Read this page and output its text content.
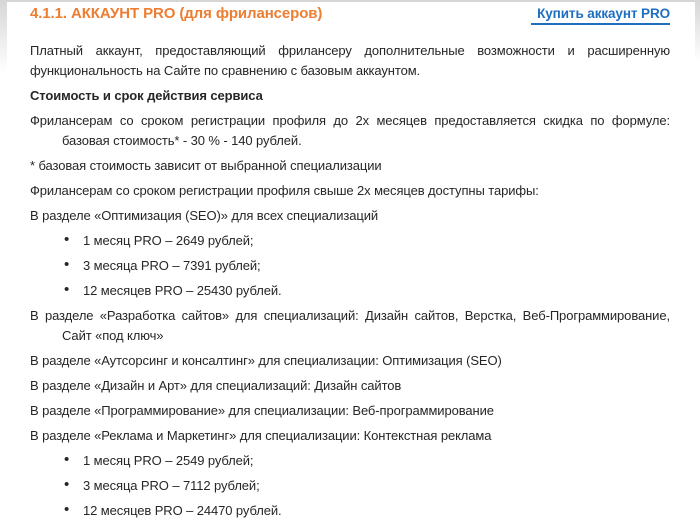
4.1.1. АККАУНТ PRO (для фрилансеров)	Купить аккаунт PRO

Платный аккаунт, предоставляющий фрилансеру дополнительные возможности и расширенную функциональность на Сайте по сравнению с базовым аккаунтом.

Стоимость и срок действия сервиса

Фрилансерам со сроком регистрации профиля до 2х месяцев предоставляется скидка по формуле: базовая стоимость* - 30 % - 140 рублей.

* базовая стоимость зависит от выбранной специализации

Фрилансерам со сроком регистрации профиля свыше 2х месяцев доступны тарифы:

В разделе «Оптимизация (SEO)» для всех специализаций

• 1 месяц PRO – 2649 рублей;
• 3 месяца PRO – 7391 рублей;
• 12 месяцев PRO – 25430 рублей.

В разделе «Разработка сайтов» для специализаций: Дизайн сайтов, Верстка, Веб-Программирование, Сайт «под ключ»

В разделе «Аутсорсинг и консалтинг» для специализации: Оптимизация (SEO)

В разделе «Дизайн и Арт» для специализаций: Дизайн сайтов

В разделе «Программирование» для специализации: Веб-программирование

В разделе «Реклама и Маркетинг» для специализации: Контекстная реклама

• 1 месяц PRO – 2549 рублей;
• 3 месяца PRO – 7112 рублей;
• 12 месяцев PRO – 24470 рублей.
